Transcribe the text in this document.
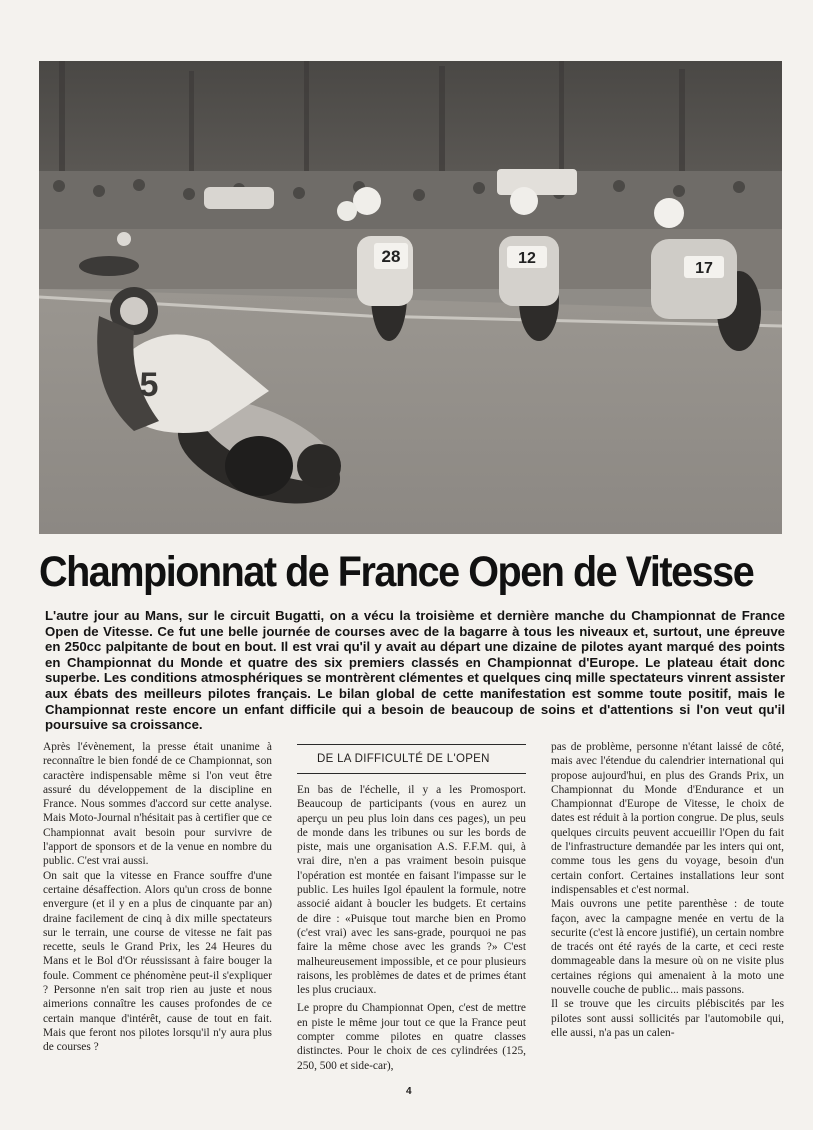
28	12
17
5
Championnat de France Open de Vitesse
L'autre jour au Mans, sur le circuit Bugatti, on a vécu la troisième et dernière manche du Championnat de France Open de Vitesse. Ce fut une belle journée de courses avec de la bagarre à tous les niveaux et, surtout, une épreuve en 250cc palpitante de bout en bout. Il est vrai qu'il y avait au départ une dizaine de pilotes ayant marqué des points en Championnat du Monde et quatre des six premiers classés en Championnat d'Europe. Le plateau était donc superbe. Les conditions atmosphériques se montrèrent clémentes et quelques cinq mille spectateurs vinrent assister aux ébats des meilleurs pilotes français. Le bilan global de cette manifestation est somme toute positif, mais le Championnat reste encore un enfant difficile qui a besoin de beaucoup de soins et d'attentions si l'on veut qu'il poursuive sa croissance.

Après l'évènement, la presse était unanime à reconnaître le bien fondé de ce Championnat, son caractère indispensable même si l'on veut être assuré du développement de la discipline en France. Nous sommes d'accord sur cette analyse. Mais Moto-Journal n'hésitait pas à certifier que ce Championnat avait besoin pour survivre de l'apport de sponsors et de la venue en nombre du public. C'est vrai aussi.

On sait que la vitesse en France souffre d'une certaine désaffection. Alors qu'un cross de bonne envergure (et il y en a plus de cinquante par an) draine facilement de cinq à dix mille spectateurs sur le terrain, une course de vitesse ne fait pas recette, seuls le Grand Prix, les 24 Heures du Mans et le Bol d'Or réussissant à faire bouger la foule. Comment ce phénomène peut-il s'expliquer ? Personne n'en sait trop rien au juste et nous aimerions connaître les causes profondes de ce certain manque d'intérêt, cause de tout en fait. Mais que feront nos pilotes lorsqu'il n'y aura plus de courses ?

DE LA DIFFICULTÉ DE L'OPEN

En bas de l'échelle, il y a les Promosport. Beaucoup de participants (vous en aurez un aperçu un peu plus loin dans ces pages), un peu de monde dans les tribunes ou sur les bords de piste, mais une organisation A.S. F.F.M. qui, à vrai dire, n'en a pas vraiment besoin puisque l'opération est montée en faisant l'impasse sur le public. Les huiles Igol épaulent la formule, notre associé aidant à boucler les budgets. Et certains de dire : «Puisque tout marche bien en Promo (c'est vrai) avec les sans-grade, pourquoi ne pas faire la même chose avec les grands ?» C'est malheureusement impossible, et ce pour plusieurs raisons, les problèmes de dates et de primes étant les plus cruciaux.

Le propre du Championnat Open, c'est de mettre en piste le même jour tout ce que la France peut compter comme pilotes en quatre classes distinctes. Pour le choix de ces cylindrées (125, 250, 500 et side-car),

pas de problème, personne n'étant laissé de côté, mais avec l'étendue du calendrier international qui propose aujourd'hui, en plus des Grands Prix, un Championnat du Monde d'Endurance et un Championnat d'Europe de Vitesse, le choix de dates est réduit à la portion congrue. De plus, seuls quelques circuits peuvent accueillir l'Open du fait de l'infrastructure demandée par les inters qui ont, comme tous les gens du voyage, besoin d'un certain confort. Certaines installations leur sont indispensables et c'est normal.

Mais ouvrons une petite parenthèse : de toute façon, avec la campagne menée en vertu de la securite (c'est là encore justifié), un certain nombre de tracés ont été rayés de la carte, et ceci reste dommageable dans la mesure où on ne visite plus certaines régions qui amenaient à la moto une nouvelle couche de public... mais passons.

Il se trouve que les circuits plébiscités par les pilotes sont aussi sollicités par l'automobile qui, elle aussi, n'a pas un calen-

4
